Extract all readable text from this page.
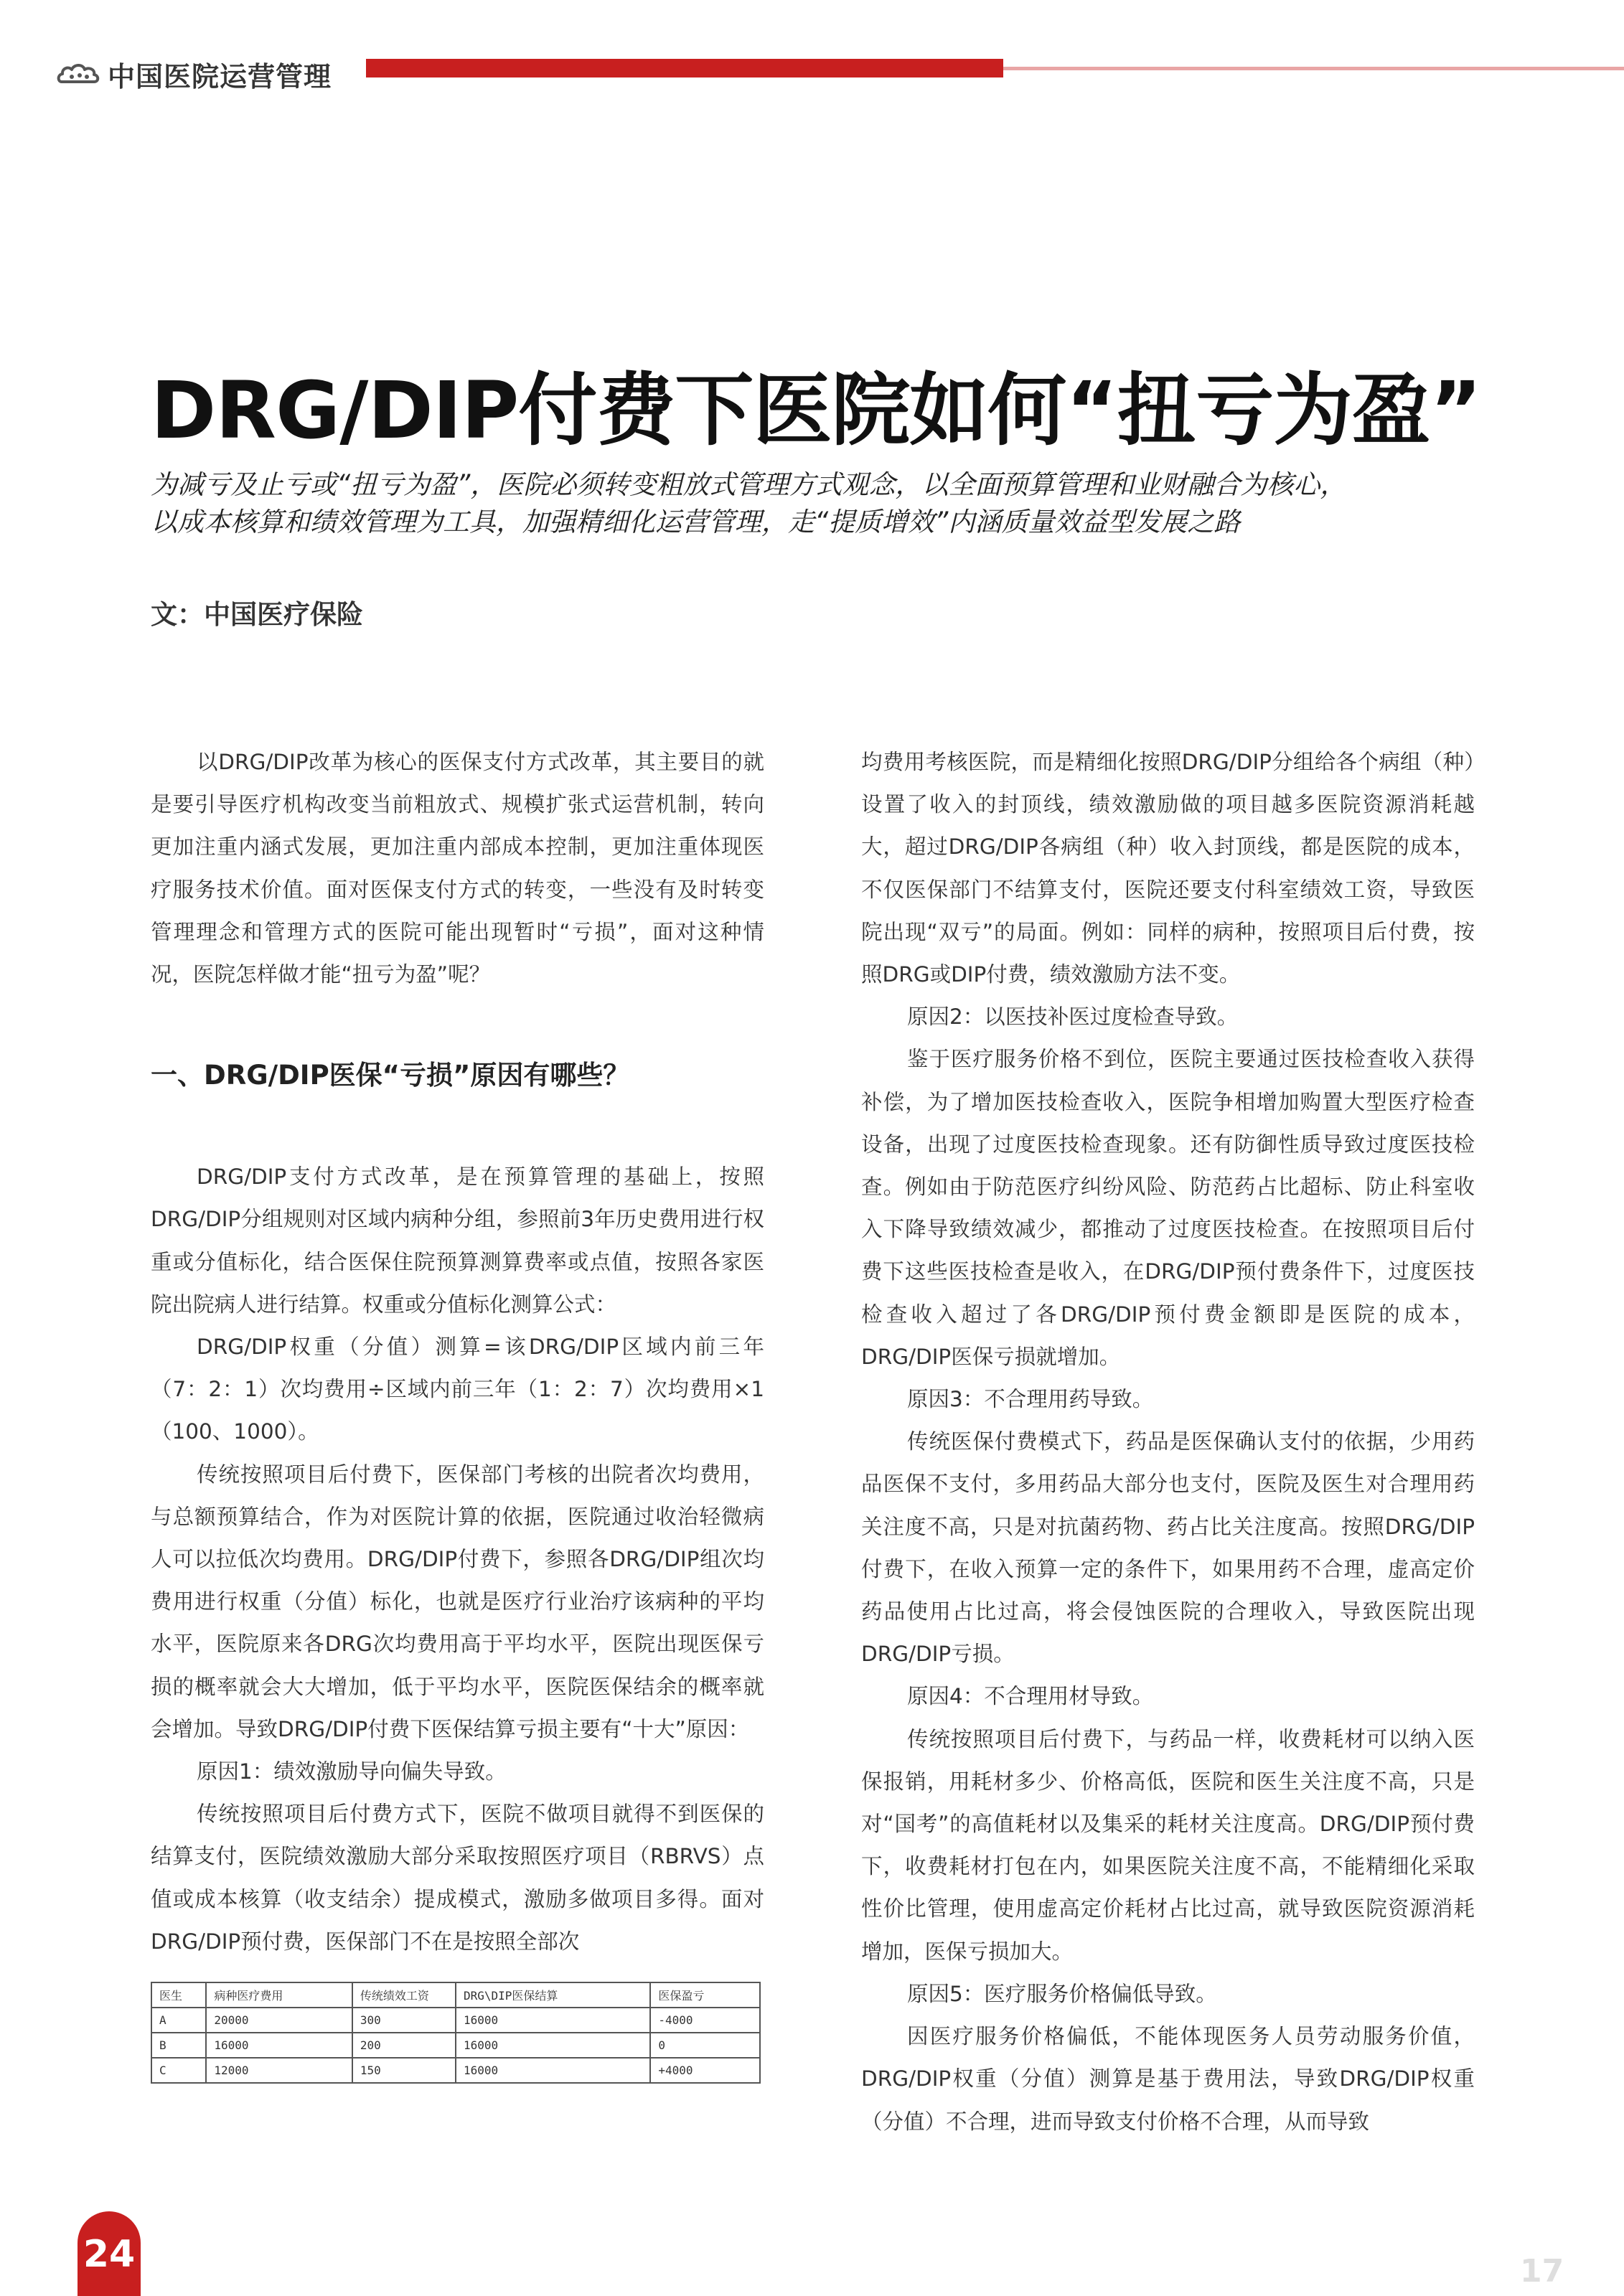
中国医院运营管理
DRG/DIP付费下医院如何“扭亏为盈”
为减亏及止亏或“扭亏为盈”，医院必须转变粗放式管理方式观念，以全面预算管理和业财融合为核心，
以成本核算和绩效管理为工具，加强精细化运营管理，走“提质增效”内涵质量效益型发展之路
文：中国医疗保险

以DRG/DIP改革为核心的医保支付方式改革，其主要目的就是要引导医疗机构改变当前粗放式、规模扩张式运营机制，转向更加注重内涵式发展，更加注重内部成本控制，更加注重体现医疗服务技术价值。面对医保支付方式的转变，一些没有及时转变管理理念和管理方式的医院可能出现暂时“亏损”，面对这种情况，医院怎样做才能“扭亏为盈”呢？

一、DRG/DIP医保“亏损”原因有哪些？

DRG/DIP支付方式改革，是在预算管理的基础上，按照DRG/DIP分组规则对区域内病种分组，参照前3年历史费用进行权重或分值标化，结合医保住院预算测算费率或点值，按照各家医院出院病人进行结算。权重或分值标化测算公式：

DRG/DIP权重（分值）测算=该DRG/DIP区域内前三年（7：2：1）次均费用÷区域内前三年（1：2：7）次均费用×1（100、1000）。

传统按照项目后付费下，医保部门考核的出院者次均费用，与总额预算结合，作为对医院计算的依据，医院通过收治轻微病人可以拉低次均费用。DRG/DIP付费下，参照各DRG/DIP组次均费用进行权重（分值）标化，也就是医疗行业治疗该病种的平均水平，医院原来各DRG次均费用高于平均水平，医院出现医保亏损的概率就会大大增加，低于平均水平，医院医保结余的概率就会增加。导致DRG/DIP付费下医保结算亏损主要有“十大”原因：

原因1：绩效激励导向偏失导致。

传统按照项目后付费方式下，医院不做项目就得不到医保的结算支付，医院绩效激励大部分采取按照医疗项目（RBRVS）点值或成本核算（收支结余）提成模式，激励多做项目多得。面对DRG/DIP预付费，医保部门不在是按照全部次

医生	病种医疗费用	传统绩效工资	DRG\DIP医保结算	医保盈亏
A	20000	300	16000	-4000
B	16000	200	16000	0
C	12000	150	16000	+4000

均费用考核医院，而是精细化按照DRG/DIP分组给各个病组（种）设置了收入的封顶线，绩效激励做的项目越多医院资源消耗越大，超过DRG/DIP各病组（种）收入封顶线，都是医院的成本，不仅医保部门不结算支付，医院还要支付科室绩效工资，导致医院出现“双亏”的局面。例如：同样的病种，按照项目后付费，按照DRG或DIP付费，绩效激励方法不变。

原因2：以医技补医过度检查导致。

鉴于医疗服务价格不到位，医院主要通过医技检查收入获得补偿，为了增加医技检查收入，医院争相增加购置大型医疗检查设备，出现了过度医技检查现象。还有防御性质导致过度医技检查。例如由于防范医疗纠纷风险、防范药占比超标、防止科室收入下降导致绩效减少，都推动了过度医技检查。在按照项目后付费下这些医技检查是收入，在DRG/DIP预付费条件下，过度医技检查收入超过了各DRG/DIP预付费金额即是医院的成本，DRG/DIP医保亏损就增加。

原因3：不合理用药导致。

传统医保付费模式下，药品是医保确认支付的依据，少用药品医保不支付，多用药品大部分也支付，医院及医生对合理用药关注度不高，只是对抗菌药物、药占比关注度高。按照DRG/DIP付费下，在收入预算一定的条件下，如果用药不合理，虚高定价药品使用占比过高，将会侵蚀医院的合理收入，导致医院出现DRG/DIP亏损。

原因4：不合理用材导致。

传统按照项目后付费下，与药品一样，收费耗材可以纳入医保报销，用耗材多少、价格高低，医院和医生关注度不高，只是对“国考”的高值耗材以及集采的耗材关注度高。DRG/DIP预付费下，收费耗材打包在内，如果医院关注度不高，不能精细化采取性价比管理，使用虚高定价耗材占比过高，就导致医院资源消耗增加，医保亏损加大。

原因5：医疗服务价格偏低导致。

因医疗服务价格偏低，不能体现医务人员劳动服务价值，DRG/DIP权重（分值）测算是基于费用法，导致DRG/DIP权重（分值）不合理，进而导致支付价格不合理，从而导致

24	17
